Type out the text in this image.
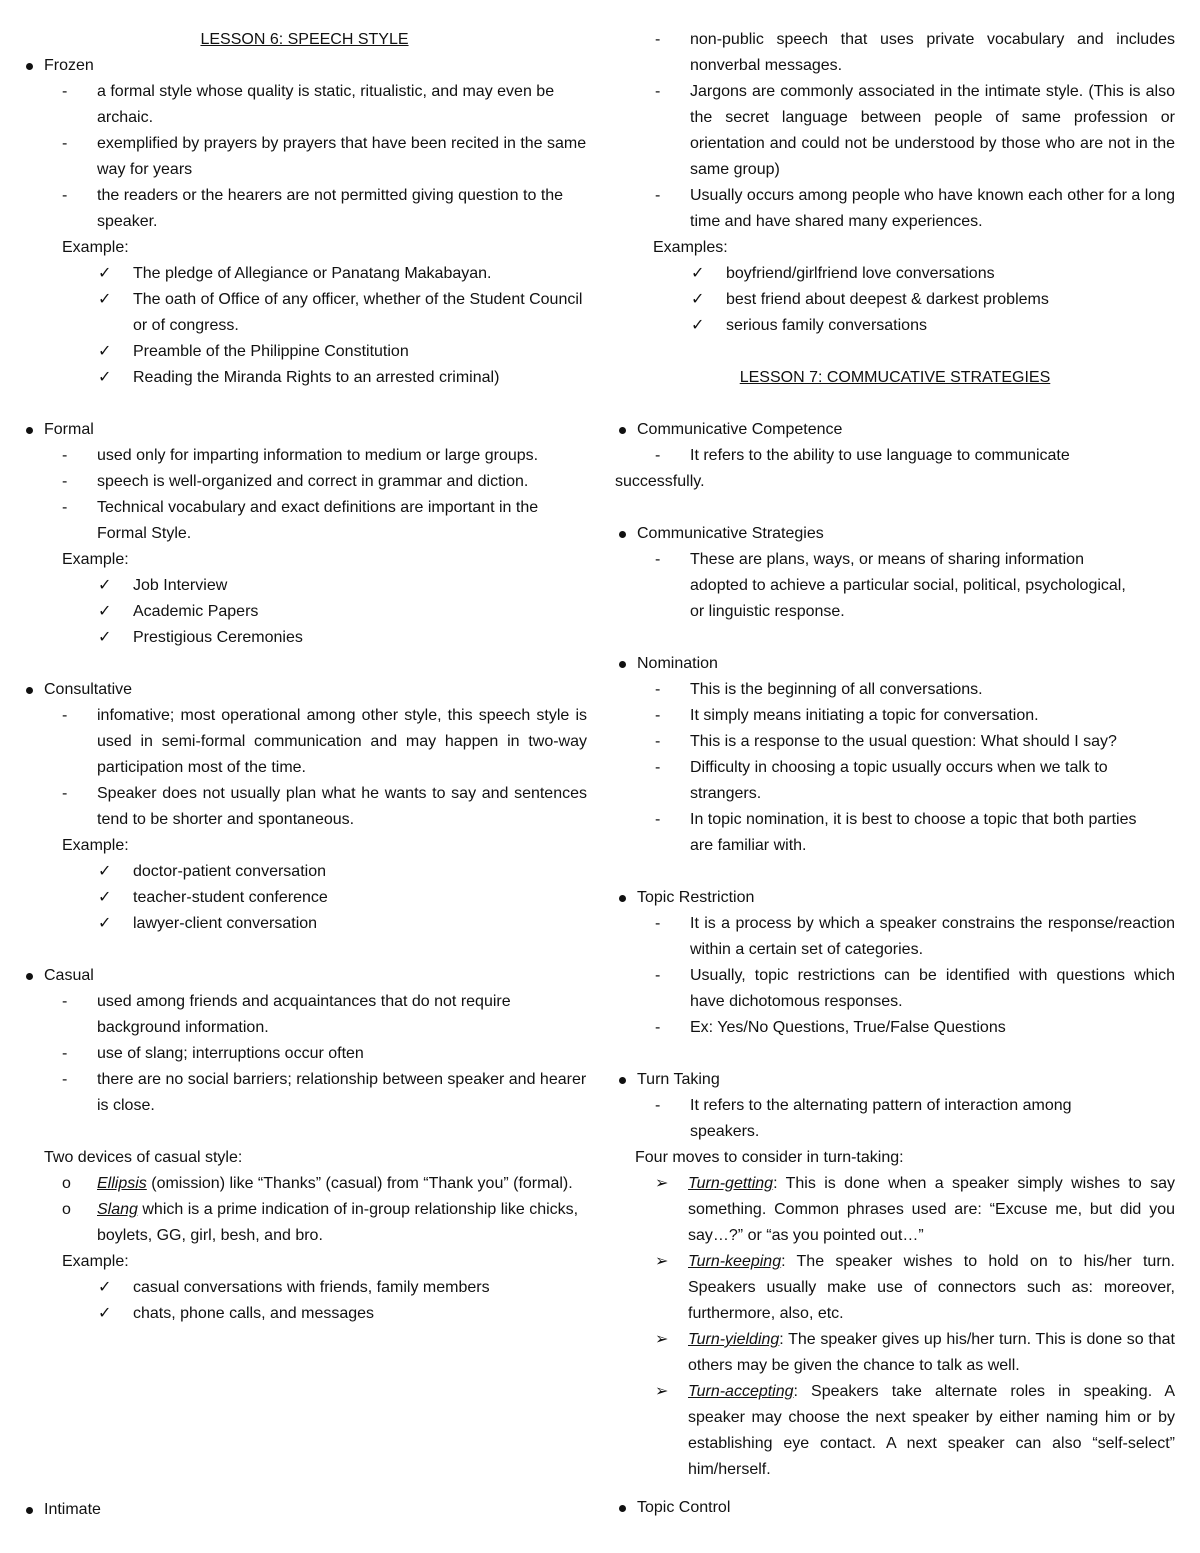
LESSON 6: SPEECH STYLE
Frozen
- a formal style whose quality is static, ritualistic, and may even be archaic.
- exemplified by prayers by prayers that have been recited in the same way for years
- the readers or the hearers are not permitted giving question to the speaker.
Example:
✓ The pledge of Allegiance or Panatang Makabayan.
✓ The oath of Office of any officer, whether of the Student Council or of congress.
✓ Preamble of the Philippine Constitution
✓ Reading the Miranda Rights to an arrested criminal)
Formal
- used only for imparting information to medium or large groups.
- speech is well-organized and correct in grammar and diction.
- Technical vocabulary and exact definitions are important in the Formal Style.
Example:
✓ Job Interview
✓ Academic Papers
✓ Prestigious Ceremonies
Consultative
- infomative; most operational among other style, this speech style is used in semi-formal communication and may happen in two-way participation most of the time.
- Speaker does not usually plan what he wants to say and sentences tend to be shorter and spontaneous.
Example:
✓ doctor-patient conversation
✓ teacher-student conference
✓ lawyer-client conversation
Casual
- used among friends and acquaintances that do not require background information.
- use of slang; interruptions occur often
- there are no social barriers; relationship between speaker and hearer is close.
Two devices of casual style:
o Ellipsis (omission) like “Thanks” (casual) from “Thank you” (formal).
o Slang which is a prime indication of in-group relationship like chicks, boylets, GG, girl, besh, and bro.
Example:
✓ casual conversations with friends, family members
✓ chats, phone calls, and messages
Intimate
- non-public speech that uses private vocabulary and includes nonverbal messages.
- Jargons are commonly associated in the intimate style. (This is also the secret language between people of same profession or orientation and could not be understood by those who are not in the same group)
- Usually occurs among people who have known each other for a long time and have shared many experiences.
Examples:
✓ boyfriend/girlfriend love conversations
✓ best friend about deepest & darkest problems
✓ serious family conversations
LESSON 7: COMMUCATIVE STRATEGIES
Communicative Competence
- It refers to the ability to use language to communicate
successfully.
Communicative Strategies
- These are plans, ways, or means of sharing information adopted to achieve a particular social, political, psychological, or linguistic response.
Nomination
- This is the beginning of all conversations.
- It simply means initiating a topic for conversation.
- This is a response to the usual question: What should I say?
- Difficulty in choosing a topic usually occurs when we talk to strangers.
- In topic nomination, it is best to choose a topic that both parties are familiar with.
Topic Restriction
- It is a process by which a speaker constrains the response/reaction within a certain set of categories.
- Usually, topic restrictions can be identified with questions which have dichotomous responses.
- Ex: Yes/No Questions, True/False Questions
Turn Taking
- It refers to the alternating pattern of interaction among speakers.
Four moves to consider in turn-taking:
➢ Turn-getting: This is done when a speaker simply wishes to say something. Common phrases used are: “Excuse me, but did you say…?” or “as you pointed out…”
➢ Turn-keeping: The speaker wishes to hold on to his/her turn. Speakers usually make use of connectors such as: moreover, furthermore, also, etc.
➢ Turn-yielding: The speaker gives up his/her turn. This is done so that others may be given the chance to talk as well.
➢ Turn-accepting: Speakers take alternate roles in speaking. A speaker may choose the next speaker by either naming him or by establishing eye contact. A next speaker can also “self-select” him/herself.
Topic Control
